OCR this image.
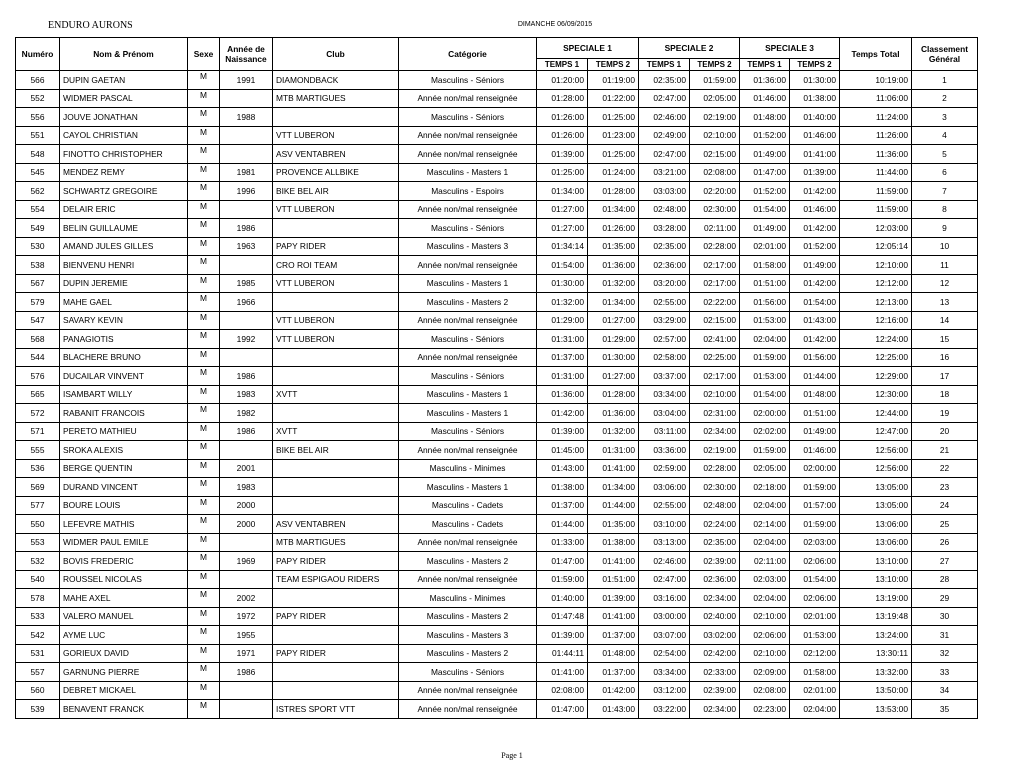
ENDURO AURONS	DIMANCHE 06/09/2015
Numéro	Nom & Prénom	Sexe	Année de Naissance	Club	Catégorie	SPECIALE 1		SPECIALE 2		SPECIALE 3		Temps Total	Classement Général
						TEMPS 1	TEMPS 2	TEMPS 1	TEMPS 2	TEMPS 1	TEMPS 2		
566	DUPIN GAETAN	M	1991	DIAMONDBACK	Masculins - Séniors	01:20:00	01:19:00	02:35:00	01:59:00	01:36:00	01:30:00	10:19:00	1
552	WIDMER PASCAL	M		MTB MARTIGUES	Année non/mal renseignée	01:28:00	01:22:00	02:47:00	02:05:00	01:46:00	01:38:00	11:06:00	2
556	JOUVE JONATHAN	M	1988		Masculins - Séniors	01:26:00	01:25:00	02:46:00	02:19:00	01:48:00	01:40:00	11:24:00	3
551	CAYOL CHRISTIAN	M		VTT LUBERON	Année non/mal renseignée	01:26:00	01:23:00	02:49:00	02:10:00	01:52:00	01:46:00	11:26:00	4
548	FINOTTO CHRISTOPHER	M		ASV VENTABREN	Année non/mal renseignée	01:39:00	01:25:00	02:47:00	02:15:00	01:49:00	01:41:00	11:36:00	5
545	MENDEZ REMY	M	1981	PROVENCE ALLBIKE	Masculins - Masters 1	01:25:00	01:24:00	03:21:00	02:08:00	01:47:00	01:39:00	11:44:00	6
562	SCHWARTZ GREGOIRE	M	1996	BIKE BEL AIR	Masculins - Espoirs	01:34:00	01:28:00	03:03:00	02:20:00	01:52:00	01:42:00	11:59:00	7
554	DELAIR ERIC	M		VTT LUBERON	Année non/mal renseignée	01:27:00	01:34:00	02:48:00	02:30:00	01:54:00	01:46:00	11:59:00	8
549	BELIN GUILLAUME	M	1986		Masculins - Séniors	01:27:00	01:26:00	03:28:00	02:11:00	01:49:00	01:42:00	12:03:00	9
530	AMAND JULES GILLES	M	1963	PAPY RIDER	Masculins - Masters 3	01:34:14	01:35:00	02:35:00	02:28:00	02:01:00	01:52:00	12:05:14	10
538	BIENVENU HENRI	M		CRO ROI TEAM	Année non/mal renseignée	01:54:00	01:36:00	02:36:00	02:17:00	01:58:00	01:49:00	12:10:00	11
567	DUPIN JEREMIE	M	1985	VTT LUBERON	Masculins - Masters 1	01:30:00	01:32:00	03:20:00	02:17:00	01:51:00	01:42:00	12:12:00	12
579	MAHE GAEL	M	1966		Masculins - Masters 2	01:32:00	01:34:00	02:55:00	02:22:00	01:56:00	01:54:00	12:13:00	13
547	SAVARY KEVIN	M		VTT LUBERON	Année non/mal renseignée	01:29:00	01:27:00	03:29:00	02:15:00	01:53:00	01:43:00	12:16:00	14
568	PANAGIOTIS	M	1992	VTT LUBERON	Masculins - Séniors	01:31:00	01:29:00	02:57:00	02:41:00	02:04:00	01:42:00	12:24:00	15
544	BLACHERE BRUNO	M			Année non/mal renseignée	01:37:00	01:30:00	02:58:00	02:25:00	01:59:00	01:56:00	12:25:00	16
576	DUCAILAR VINVENT	M	1986		Masculins - Séniors	01:31:00	01:27:00	03:37:00	02:17:00	01:53:00	01:44:00	12:29:00	17
565	ISAMBART WILLY	M	1983	XVTT	Masculins - Masters 1	01:36:00	01:28:00	03:34:00	02:10:00	01:54:00	01:48:00	12:30:00	18
572	RABANIT FRANCOIS	M	1982		Masculins - Masters 1	01:42:00	01:36:00	03:04:00	02:31:00	02:00:00	01:51:00	12:44:00	19
571	PERETO MATHIEU	M	1986	XVTT	Masculins - Séniors	01:39:00	01:32:00	03:11:00	02:34:00	02:02:00	01:49:00	12:47:00	20
555	SROKA ALEXIS	M		BIKE BEL AIR	Année non/mal renseignée	01:45:00	01:31:00	03:36:00	02:19:00	01:59:00	01:46:00	12:56:00	21
536	BERGE QUENTIN	M	2001		Masculins - Minimes	01:43:00	01:41:00	02:59:00	02:28:00	02:05:00	02:00:00	12:56:00	22
569	DURAND VINCENT	M	1983		Masculins - Masters 1	01:38:00	01:34:00	03:06:00	02:30:00	02:18:00	01:59:00	13:05:00	23
577	BOURE LOUIS	M	2000		Masculins - Cadets	01:37:00	01:44:00	02:55:00	02:48:00	02:04:00	01:57:00	13:05:00	24
550	LEFEVRE MATHIS	M	2000	ASV VENTABREN	Masculins - Cadets	01:44:00	01:35:00	03:10:00	02:24:00	02:14:00	01:59:00	13:06:00	25
553	WIDMER PAUL EMILE	M		MTB MARTIGUES	Année non/mal renseignée	01:33:00	01:38:00	03:13:00	02:35:00	02:04:00	02:03:00	13:06:00	26
532	BOVIS FREDERIC	M	1969	PAPY RIDER	Masculins - Masters 2	01:47:00	01:41:00	02:46:00	02:39:00	02:11:00	02:06:00	13:10:00	27
540	ROUSSEL NICOLAS	M		TEAM ESPIGAOU RIDERS	Année non/mal renseignée	01:59:00	01:51:00	02:47:00	02:36:00	02:03:00	01:54:00	13:10:00	28
578	MAHE AXEL	M	2002		Masculins - Minimes	01:40:00	01:39:00	03:16:00	02:34:00	02:04:00	02:06:00	13:19:00	29
533	VALERO MANUEL	M	1972	PAPY RIDER	Masculins - Masters 2	01:47:48	01:41:00	03:00:00	02:40:00	02:10:00	02:01:00	13:19:48	30
542	AYME LUC	M	1955		Masculins - Masters 3	01:39:00	01:37:00	03:07:00	03:02:00	02:06:00	01:53:00	13:24:00	31
531	GORIEUX DAVID	M	1971	PAPY RIDER	Masculins - Masters 2	01:44:11	01:48:00	02:54:00	02:42:00	02:10:00	02:12:00	13:30:11	32
557	GARNUNG PIERRE	M	1986		Masculins - Séniors	01:41:00	01:37:00	03:34:00	02:33:00	02:09:00	01:58:00	13:32:00	33
560	DEBRET MICKAEL	M			Année non/mal renseignée	02:08:00	01:42:00	03:12:00	02:39:00	02:08:00	02:01:00	13:50:00	34
539	BENAVENT FRANCK	M		ISTRES SPORT VTT	Année non/mal renseignée	01:47:00	01:43:00	03:22:00	02:34:00	02:23:00	02:04:00	13:53:00	35
Page 1
